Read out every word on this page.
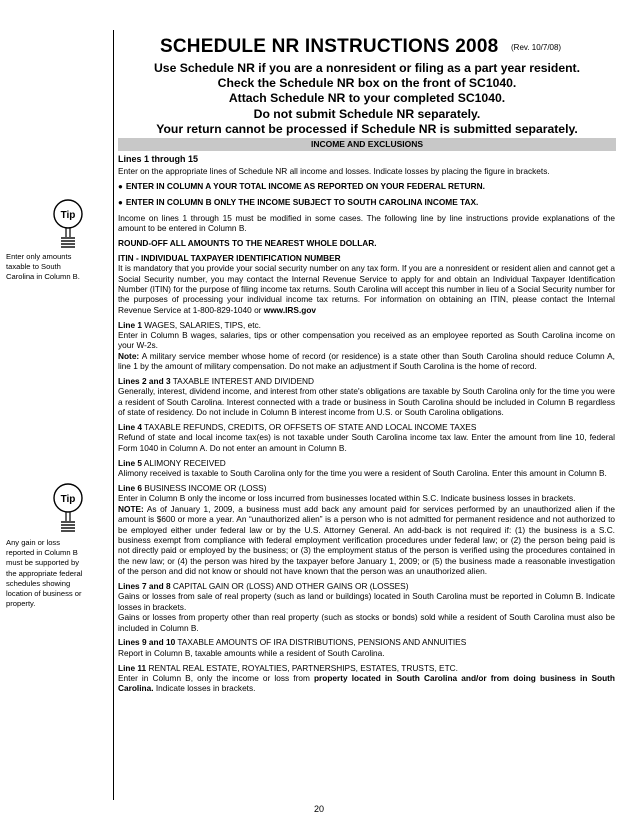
SCHEDULE NR INSTRUCTIONS 2008 (Rev. 10/7/08)
Use Schedule NR if you are a nonresident or filing as a part year resident.
Check the Schedule NR box on the front of SC1040.
Attach Schedule NR to your completed SC1040.
Do not submit Schedule NR separately.
Your return cannot be processed if Schedule NR is submitted separately.
INCOME AND EXCLUSIONS
Tip
Enter only amounts taxable to South Carolina in Column B.
Tip
Any gain or loss reported in Column B must be supported by the appropriate federal schedules showing location of business or property.

Lines 1 through 15

Enter on the appropriate lines of Schedule NR all income and losses. Indicate losses by placing the figure in brackets.

● ENTER IN COLUMN A YOUR TOTAL INCOME AS REPORTED ON YOUR FEDERAL RETURN.

● ENTER IN COLUMN B ONLY THE INCOME SUBJECT TO SOUTH CAROLINA INCOME TAX.

Income on lines 1 through 15 must be modified in some cases. The following line by line instructions provide explanations of the amount to be entered in Column B.

ROUND-OFF ALL AMOUNTS TO THE NEAREST WHOLE DOLLAR.

ITIN - INDIVIDUAL TAXPAYER IDENTIFICATION NUMBER

It is mandatory that you provide your social security number on any tax form. If you are a nonresident or resident alien and cannot get a Social Security number, you may contact the Internal Revenue Service to apply for and obtain an Individual Taxpayer Identification Number (ITIN) for the purpose of filing income tax returns. South Carolina will accept this number in lieu of a Social Security number for the purposes of processing your individual income tax returns. For information on obtaining an ITIN, please contact the Internal Revenue Service at 1-800-829-1040 or www.IRS.gov

Line 1 WAGES, SALARIES, TIPS, etc.

Enter in Column B wages, salaries, tips or other compensation you received as an employee reported as South Carolina income on your W-2s.

Note: A military service member whose home of record (or residence) is a state other than South Carolina should reduce Column A, line 1 by the amount of military compensation. Do not make an adjustment if South Carolina is the home of record.

Lines 2 and 3 TAXABLE INTEREST AND DIVIDEND

Generally, interest, dividend income, and interest from other state's obligations are taxable by South Carolina only for the time you were a resident of South Carolina. Interest connected with a trade or business in South Carolina should be included in Column B regardless of state of residency. Do not include in Column B interest income from U.S. or South Carolina obligations.

Line 4 TAXABLE REFUNDS, CREDITS, OR OFFSETS OF STATE AND LOCAL INCOME TAXES

Refund of state and local income tax(es) is not taxable under South Carolina income tax law. Enter the amount from line 10, federal Form 1040 in Column A. Do not enter an amount in Column B.

Line 5 ALIMONY RECEIVED

Alimony received is taxable to South Carolina only for the time you were a resident of South Carolina. Enter this amount in Column B.

Line 6 BUSINESS INCOME OR (LOSS)

Enter in Column B only the income or loss incurred from businesses located within S.C. Indicate business losses in brackets.

NOTE: As of January 1, 2009, a business must add back any amount paid for services performed by an unauthorized alien if the amount is $600 or more a year. An “unauthorized alien” is a person who is not admitted for permanent residence and not authorized to be employed either under federal law or by the U.S. Attorney General. An add-back is not required if: (1) the business is a S.C. business exempt from compliance with federal employment verification procedures under federal law; or (2) the person being paid is not directly paid or employed by the business; or (3) the employment status of the person is verified using the procedures contained in the new law; or (4) the person was hired by the taxpayer before January 1, 2009; or (5) the business made a reasonable investigation of the person and did not know or should not have known that the person was an unauthorized alien.

Lines 7 and 8 CAPITAL GAIN OR (LOSS) AND OTHER GAINS OR (LOSSES)

Gains or losses from sale of real property (such as land or buildings) located in South Carolina must be reported in Column B. Indicate losses in brackets.

Gains or losses from property other than real property (such as stocks or bonds) sold while a resident of South Carolina must also be included in Column B.

Lines 9 and 10 TAXABLE AMOUNTS OF IRA DISTRIBUTIONS, PENSIONS AND ANNUITIES

Report in Column B, taxable amounts while a resident of South Carolina.

Line 11 RENTAL REAL ESTATE, ROYALTIES, PARTNERSHIPS, ESTATES, TRUSTS, ETC.

Enter in Column B, only the income or loss from property located in South Carolina and/or from doing business in South Carolina. Indicate losses in brackets.

20
